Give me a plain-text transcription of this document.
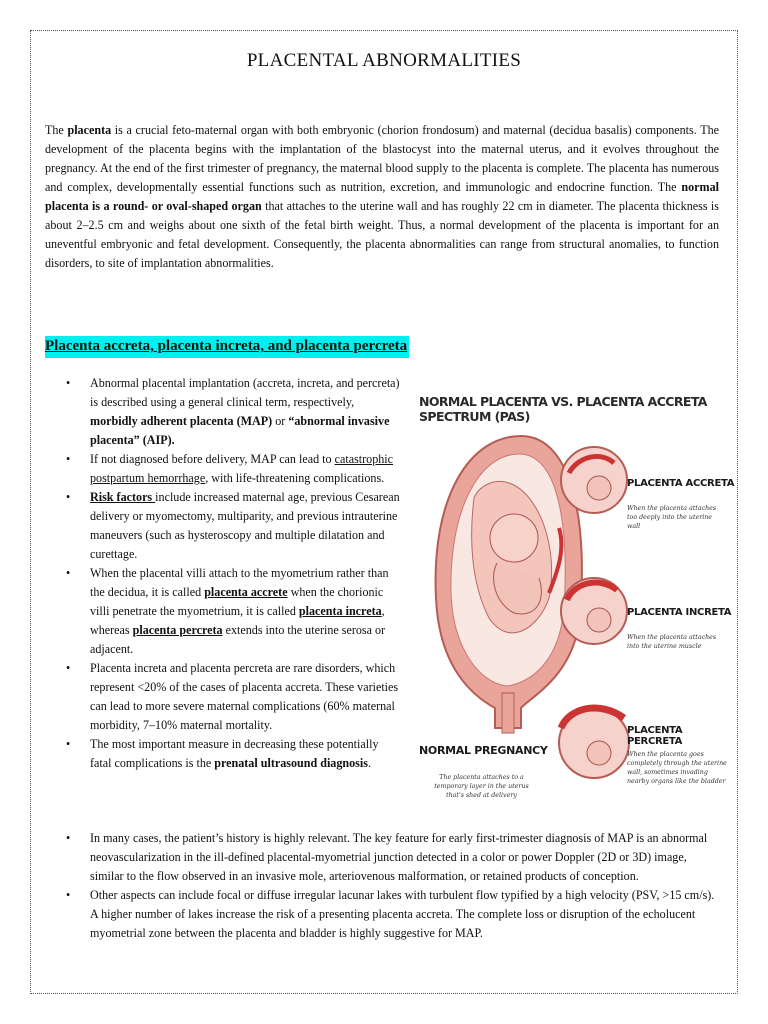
PLACENTAL ABNORMALITIES

The placenta is a crucial feto-maternal organ with both embryonic (chorion frondosum) and maternal (decidua basalis) components. The development of the placenta begins with the implantation of the blastocyst into the maternal uterus, and it evolves throughout the pregnancy. At the end of the first trimester of pregnancy, the maternal blood supply to the placenta is complete. The placenta has numerous and complex, developmentally essential functions such as nutrition, excretion, and immunologic and endocrine function. The normal placenta is a round- or oval-shaped organ that attaches to the uterine wall and has roughly 22 cm in diameter. The placenta thickness is about 2–2.5 cm and weighs about one sixth of the fetal birth weight. Thus, a normal development of the placenta is important for an uneventful embryonic and fetal development. Consequently, the placenta abnormalities can range from structural anomalies, to function disorders, to site of implantation abnormalities.

Placenta accreta, placenta increta, and placenta percreta
• Abnormal placental implantation (accreta, increta, and percreta) is described using a general clinical term, respectively, morbidly adherent placenta (MAP) or “abnormal invasive placenta” (AIP).
• If not diagnosed before delivery, MAP can lead to catastrophic postpartum hemorrhage, with life-threatening complications.
• Risk factors include increased maternal age, previous Cesarean delivery or myomectomy, multiparity, and previous intrauterine maneuvers (such as hysteroscopy and multiple dilatation and curettage.
• When the placental villi attach to the myometrium rather than the decidua, it is called placenta accrete when the chorionic villi penetrate the myometrium, it is called placenta increta, whereas placenta percreta extends into the uterine serosa or adjacent.
• Placenta increta and placenta percreta are rare disorders, which represent <20% of the cases of placenta accreta. These varieties can lead to more severe maternal complications (60% maternal morbidity, 7–10% maternal mortality.
• The most important measure in decreasing these potentially fatal complications is the prenatal ultrasound diagnosis.
• In many cases, the patient’s history is highly relevant. The key feature for early first-trimester diagnosis of MAP is an abnormal neovascularization in the ill-defined placental-myometrial junction detected in a color or power Doppler (2D or 3D) image, similar to the flow observed in an invasive mole, arteriovenous malformation, or retained products of conception.
• Other aspects can include focal or diffuse irregular lacunar lakes with turbulent flow typified by a high velocity (PSV, >15 cm/s). A higher number of lakes increase the risk of a presenting placenta accreta. The complete loss or disruption of the echolucent myometrial zone between the placenta and bladder is highly suggestive for MAP.
NORMAL PLACENTA VS. PLACENTA ACCRETA SPECTRUM (PAS)
PLACENTA ACCRETA
When the placenta attaches too deeply into the uterine wall
PLACENTA INCRETA
When the placenta attaches into the uterine muscle
PLACENTA PERCRETA
When the placenta goes completely through the uterine wall, sometimes invading nearby organs like the bladder
NORMAL PREGNANCY
The placenta attaches to a temporary layer in the uterus that's shed at delivery
